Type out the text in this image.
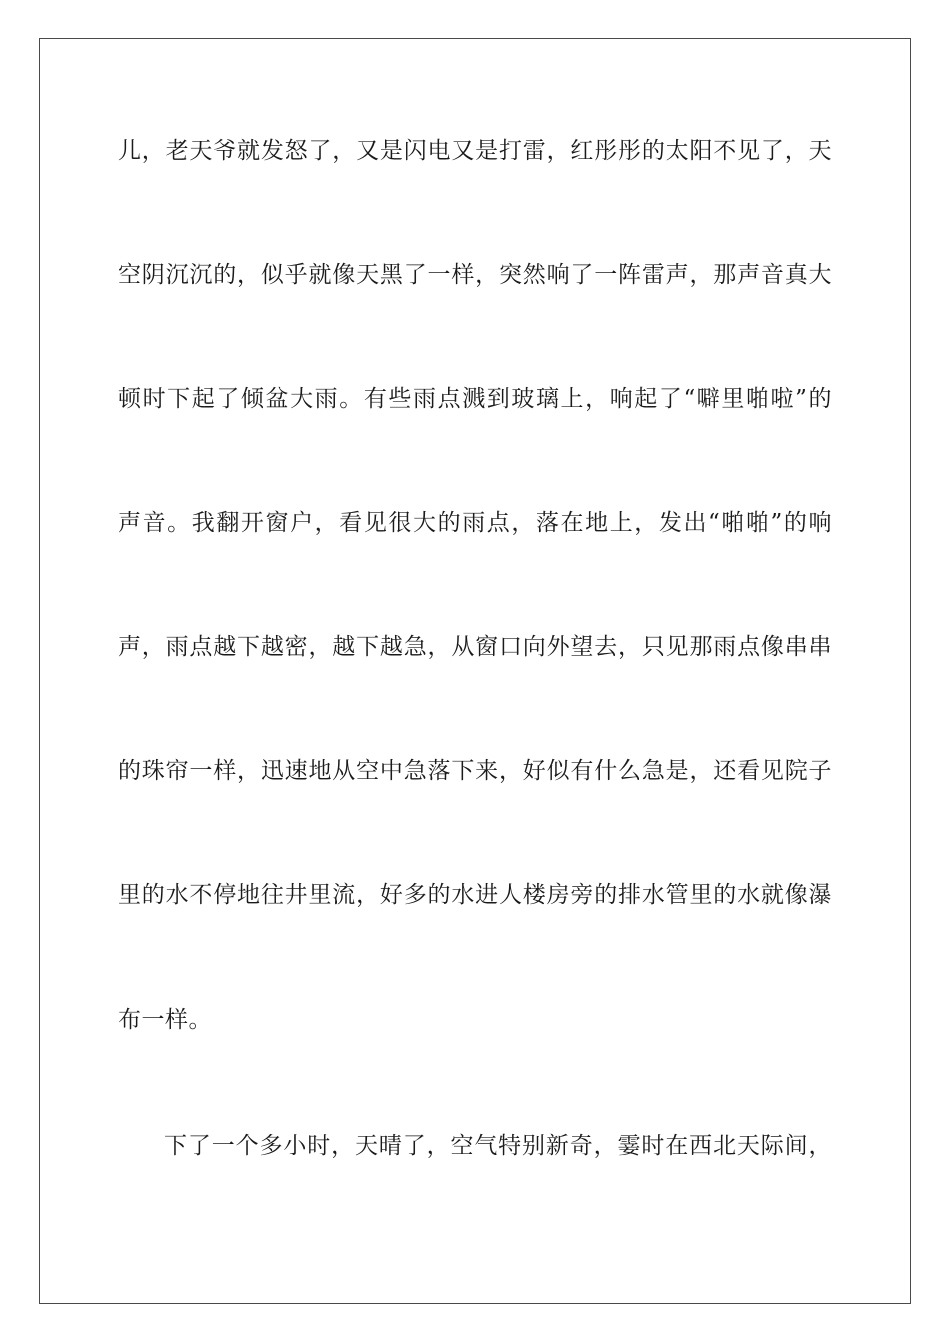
儿，老天爷就发怒了，又是闪电又是打雷，红彤彤的太阳不见了，天
空阴沉沉的，似乎就像天黑了一样，突然响了一阵雷声，那声音真大
顿时下起了倾盆大雨。有些雨点溅到玻璃上，响起了“噼里啪啦”的
声音。我翻开窗户，看见很大的雨点，落在地上，发出“啪啪”的响
声，雨点越下越密，越下越急，从窗口向外望去，只见那雨点像串串
的珠帘一样，迅速地从空中急落下来，好似有什么急是，还看见院子
里的水不停地往井里流，好多的水进人楼房旁的排水管里的水就像瀑
布一样。
下了一个多小时，天晴了，空气特别新奇，霎时在西北天际间，
